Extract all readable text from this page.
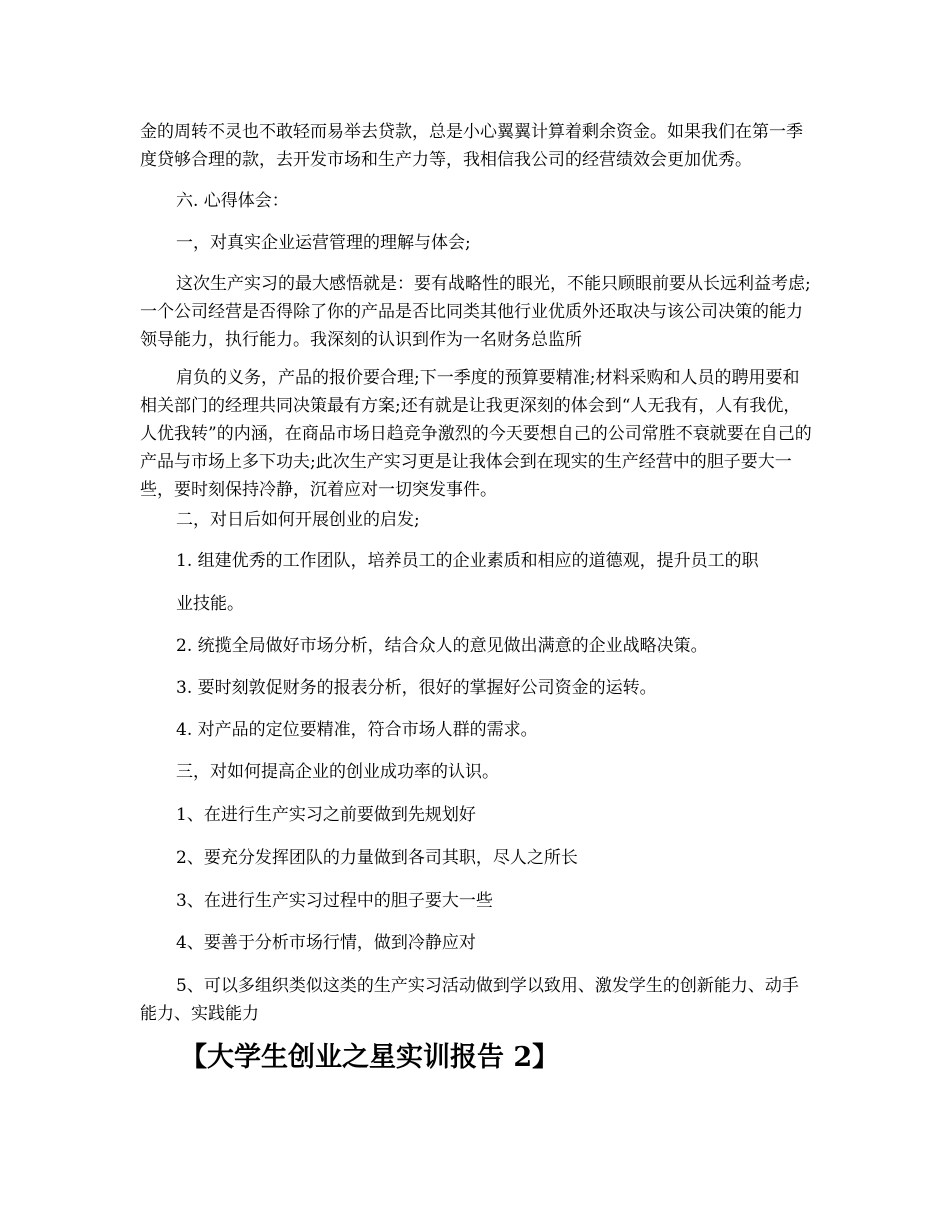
金的周转不灵也不敢轻而易举去贷款，总是小心翼翼计算着剩余资金。如果我们在第一季度贷够合理的款，去开发市场和生产力等，我相信我公司的经营绩效会更加优秀。

六. 心得体会：

一，对真实企业运营管理的理解与体会;

这次生产实习的最大感悟就是：要有战略性的眼光，不能只顾眼前要从长远利益考虑;一个公司经营是否得除了你的产品是否比同类其他行业优质外还取决与该公司决策的能力领导能力，执行能力。我深刻的认识到作为一名财务总监所

肩负的义务，产品的报价要合理;下一季度的预算要精准;材料采购和人员的聘用要和相关部门的经理共同决策最有方案;还有就是让我更深刻的体会到“人无我有，人有我优，人优我转”的内涵，在商品市场日趋竞争激烈的今天要想自己的公司常胜不衰就要在自己的产品与市场上多下功夫;此次生产实习更是让我体会到在现实的生产经营中的胆子要大一些，要时刻保持冷静，沉着应对一切突发事件。

二，对日后如何开展创业的启发;

1. 组建优秀的工作团队，培养员工的企业素质和相应的道德观，提升员工的职

业技能。

2. 统揽全局做好市场分析，结合众人的意见做出满意的企业战略决策。

3. 要时刻敦促财务的报表分析，很好的掌握好公司资金的运转。

4. 对产品的定位要精准，符合市场人群的需求。

三，对如何提高企业的创业成功率的认识。

1、在进行生产实习之前要做到先规划好

2、要充分发挥团队的力量做到各司其职，尽人之所长

3、在进行生产实习过程中的胆子要大一些

4、要善于分析市场行情，做到冷静应对

5、可以多组织类似这类的生产实习活动做到学以致用、激发学生的创新能力、动手能力、实践能力

【大学生创业之星实训报告 2】
